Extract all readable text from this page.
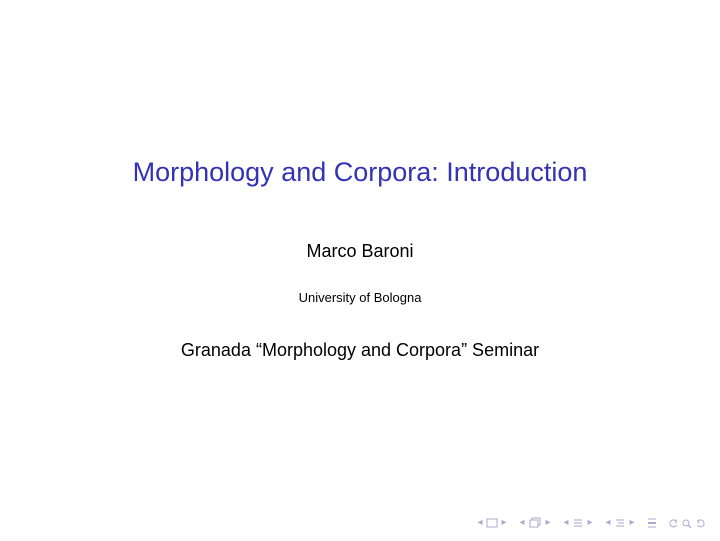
Morphology and Corpora: Introduction
Marco Baroni
University of Bologna
Granada “Morphology and Corpora” Seminar
◂ ▸ ◂ ▸ ◂ ▸ ◂ ▸
